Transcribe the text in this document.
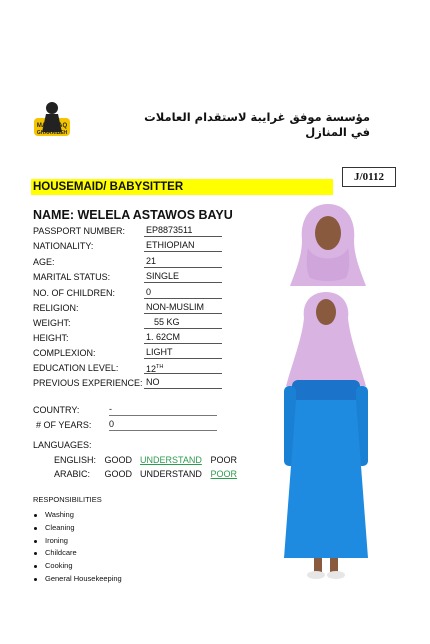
MAUAFAQ
GHARAIBEH
مؤسسة موفق غرايبة لاستقدام العاملات
في المنازل
J/0112
HOUSEMAID/ BABYSITTER
NAME: WELELA ASTAWOS BAYU
PASSPORT NUMBER: EP8873511
NATIONALITY:	ETHIOPIAN
AGE:	21
MARITAL STATUS:	SINGLE
NO. OF CHILDREN:	0
RELIGION:	NON-MUSLIM
WEIGHT:	55 KG
HEIGHT:	1. 62CM
COMPLEXION:	LIGHT
EDUCATION LEVEL:	12TH
PREVIOUS EXPERIENCE: NO
COUNTRY:	-
# OF YEARS: 0
LANGUAGES:
ENGLISH: GOOD UNDERSTAND POOR
ARABIC: GOOD UNDERSTAND POOR
RESPONSIBILITIES
Washing
Cleaning
Ironing
Childcare
Cooking
General Housekeeping
